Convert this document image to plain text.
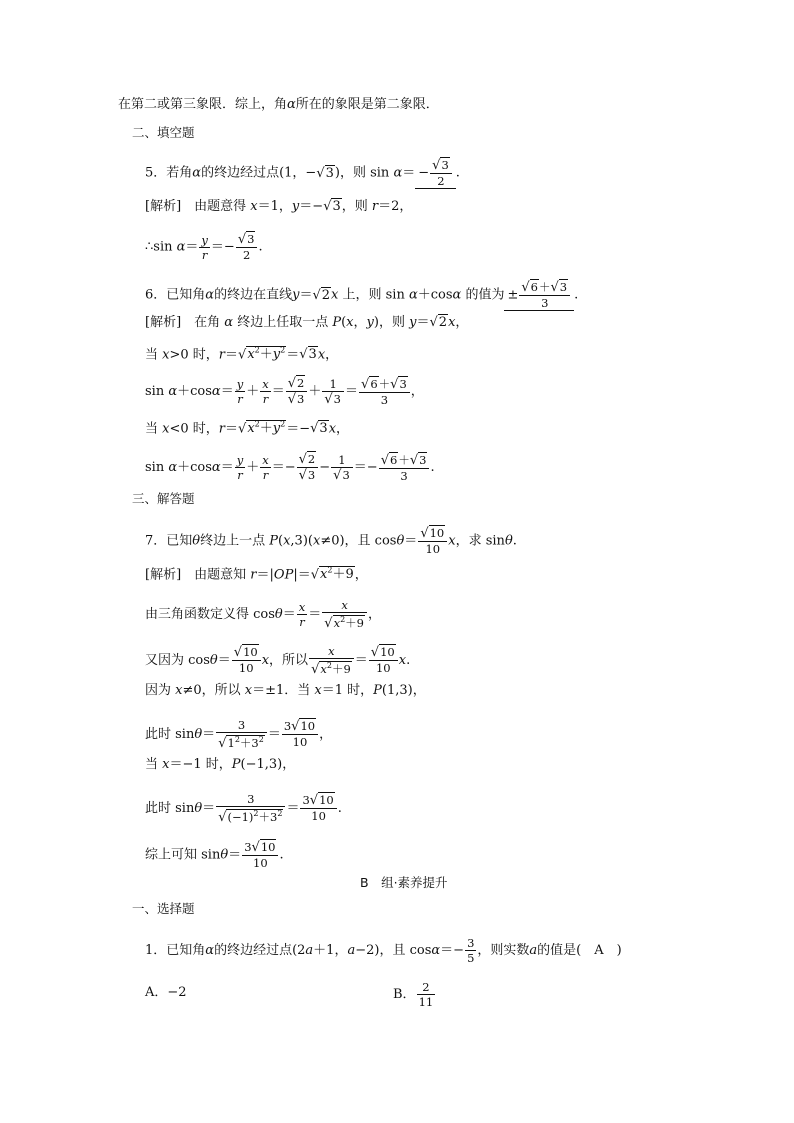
在第二或第三象限．综上，角α所在的象限是第二象限．
二、填空题
5．若角α的终边经过点(1，−√3)，则 $\sin \alpha= - \frac{√3}{2}$ .
[解析]　由题意得 x＝1，y＝−√3，则 r＝2，
∴sin $\alpha= \frac{y}{r} =- \frac{√3}{2}$ .
6．已知角α的终边在直线y＝√2x 上，则 sin α＋cosα 的值为 ± $\frac{√6+√3}{3}$ .
[解析]　在角 α 终边上任取一点 P(x，y)，则 y＝√2x，
当 x>0 时，$r=√x^2+y^2=√3x$，
$\sin \alpha+\cos\alpha= \frac{y}{r} + \frac{x}{r} = \frac{√2}{√3} + \frac{1}{√3} = \frac{√6+√3}{3}$ ，
当 x<0 时，$r=√x^2+y^2=-√3x$，
$\sin \alpha+\cos\alpha= \frac{y}{r} + \frac{x}{r} =- \frac{√2}{√3} - \frac{1}{√3} =- \frac{√6+√3}{3}$ .
三、解答题
7．已知θ终边上一点 P(x,3)(x≠0)，且 $\cos\theta= \frac{√10}{10}$ x，求 sinθ.
[解析]　由题意知 $r=|OP|=√x^2+9$，
由三角函数定义得 $\cos\theta= \frac{x}{r} = \frac{x}{√x^2+9}$ ，
又因为 $\cos\theta= \frac{√10}{10}$ x，所以 $\frac{x}{√x^2+9} = \frac{√10}{10} x$.
因为 x≠0，所以 x＝±1．当 x＝1 时，P(1,3)，
此时 $\sin\theta= \frac{3}{√1^2+3^2} = \frac{3√10}{10}$ ，
当 x＝−1 时，P(−1,3)，
此时 $\sin\theta= \frac{3}{√(-1)^2+3^2} = \frac{3√10}{10}$ .
综上可知 $\sin\theta= \frac{3√10}{10}$ .
B　组·素养提升
一、选择题
1．已知角α的终边经过点(2a＋1，a−2)，且 $\cos\alpha=- \frac{3}{5}$ ，则实数a的值是(　A　 )
A．−2	B． $\frac{2}{11}$
